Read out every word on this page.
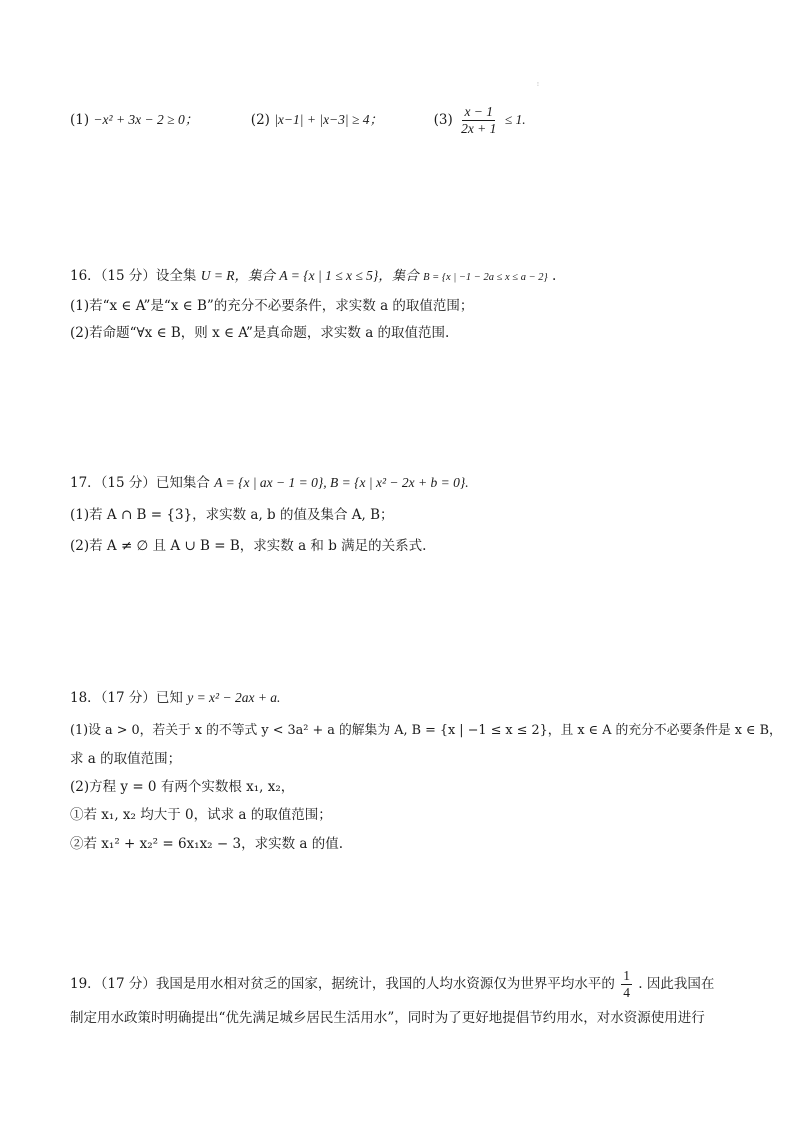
⁝
(1) −x² + 3x − 2 ≥ 0；	(2) |x−1| + |x−3| ≥ 4；	$(3) \frac{x - 1}{2x + 1} \le 1$.
16．（15 分）设全集 U = R，集合 A = {x | 1 ≤ x ≤ 5}，集合 B = {x | −1 − 2a ≤ x ≤ a − 2} .
(1)若“x ∈ A”是“x ∈ B”的充分不必要条件，求实数 a 的取值范围；
(2)若命题“∀x ∈ B，则 x ∈ A”是真命题，求实数 a 的取值范围.
17．（15 分）已知集合 A = {x | ax − 1 = 0}, B = {x | x² − 2x + b = 0}.
(1)若 A ∩ B = {3}，求实数 a, b 的值及集合 A, B；
(2)若 A ≠ ∅ 且 A ∪ B = B，求实数 a 和 b 满足的关系式.
18．（17 分）已知 y = x² − 2ax + a.
(1)设 a > 0，若关于 x 的不等式 y < 3a² + a 的解集为 A, B = {x | −1 ≤ x ≤ 2}，且 x ∈ A 的充分不必要条件是 x ∈ B，
求 a 的取值范围；
(2)方程 y = 0 有两个实数根 x₁, x₂，
①若 x₁, x₂ 均大于 0，试求 a 的取值范围；
②若 x₁² + x₂² = 6x₁x₂ − 3，求实数 a 的值.
19．（17 分）我国是用水相对贫乏的国家，据统计，我国的人均水资源仅为世界平均水平的 $\frac{1}{4}$ . 因此我国在
制定用水政策时明确提出“优先满足城乡居民生活用水”，同时为了更好地提倡节约用水，对水资源使用进行
